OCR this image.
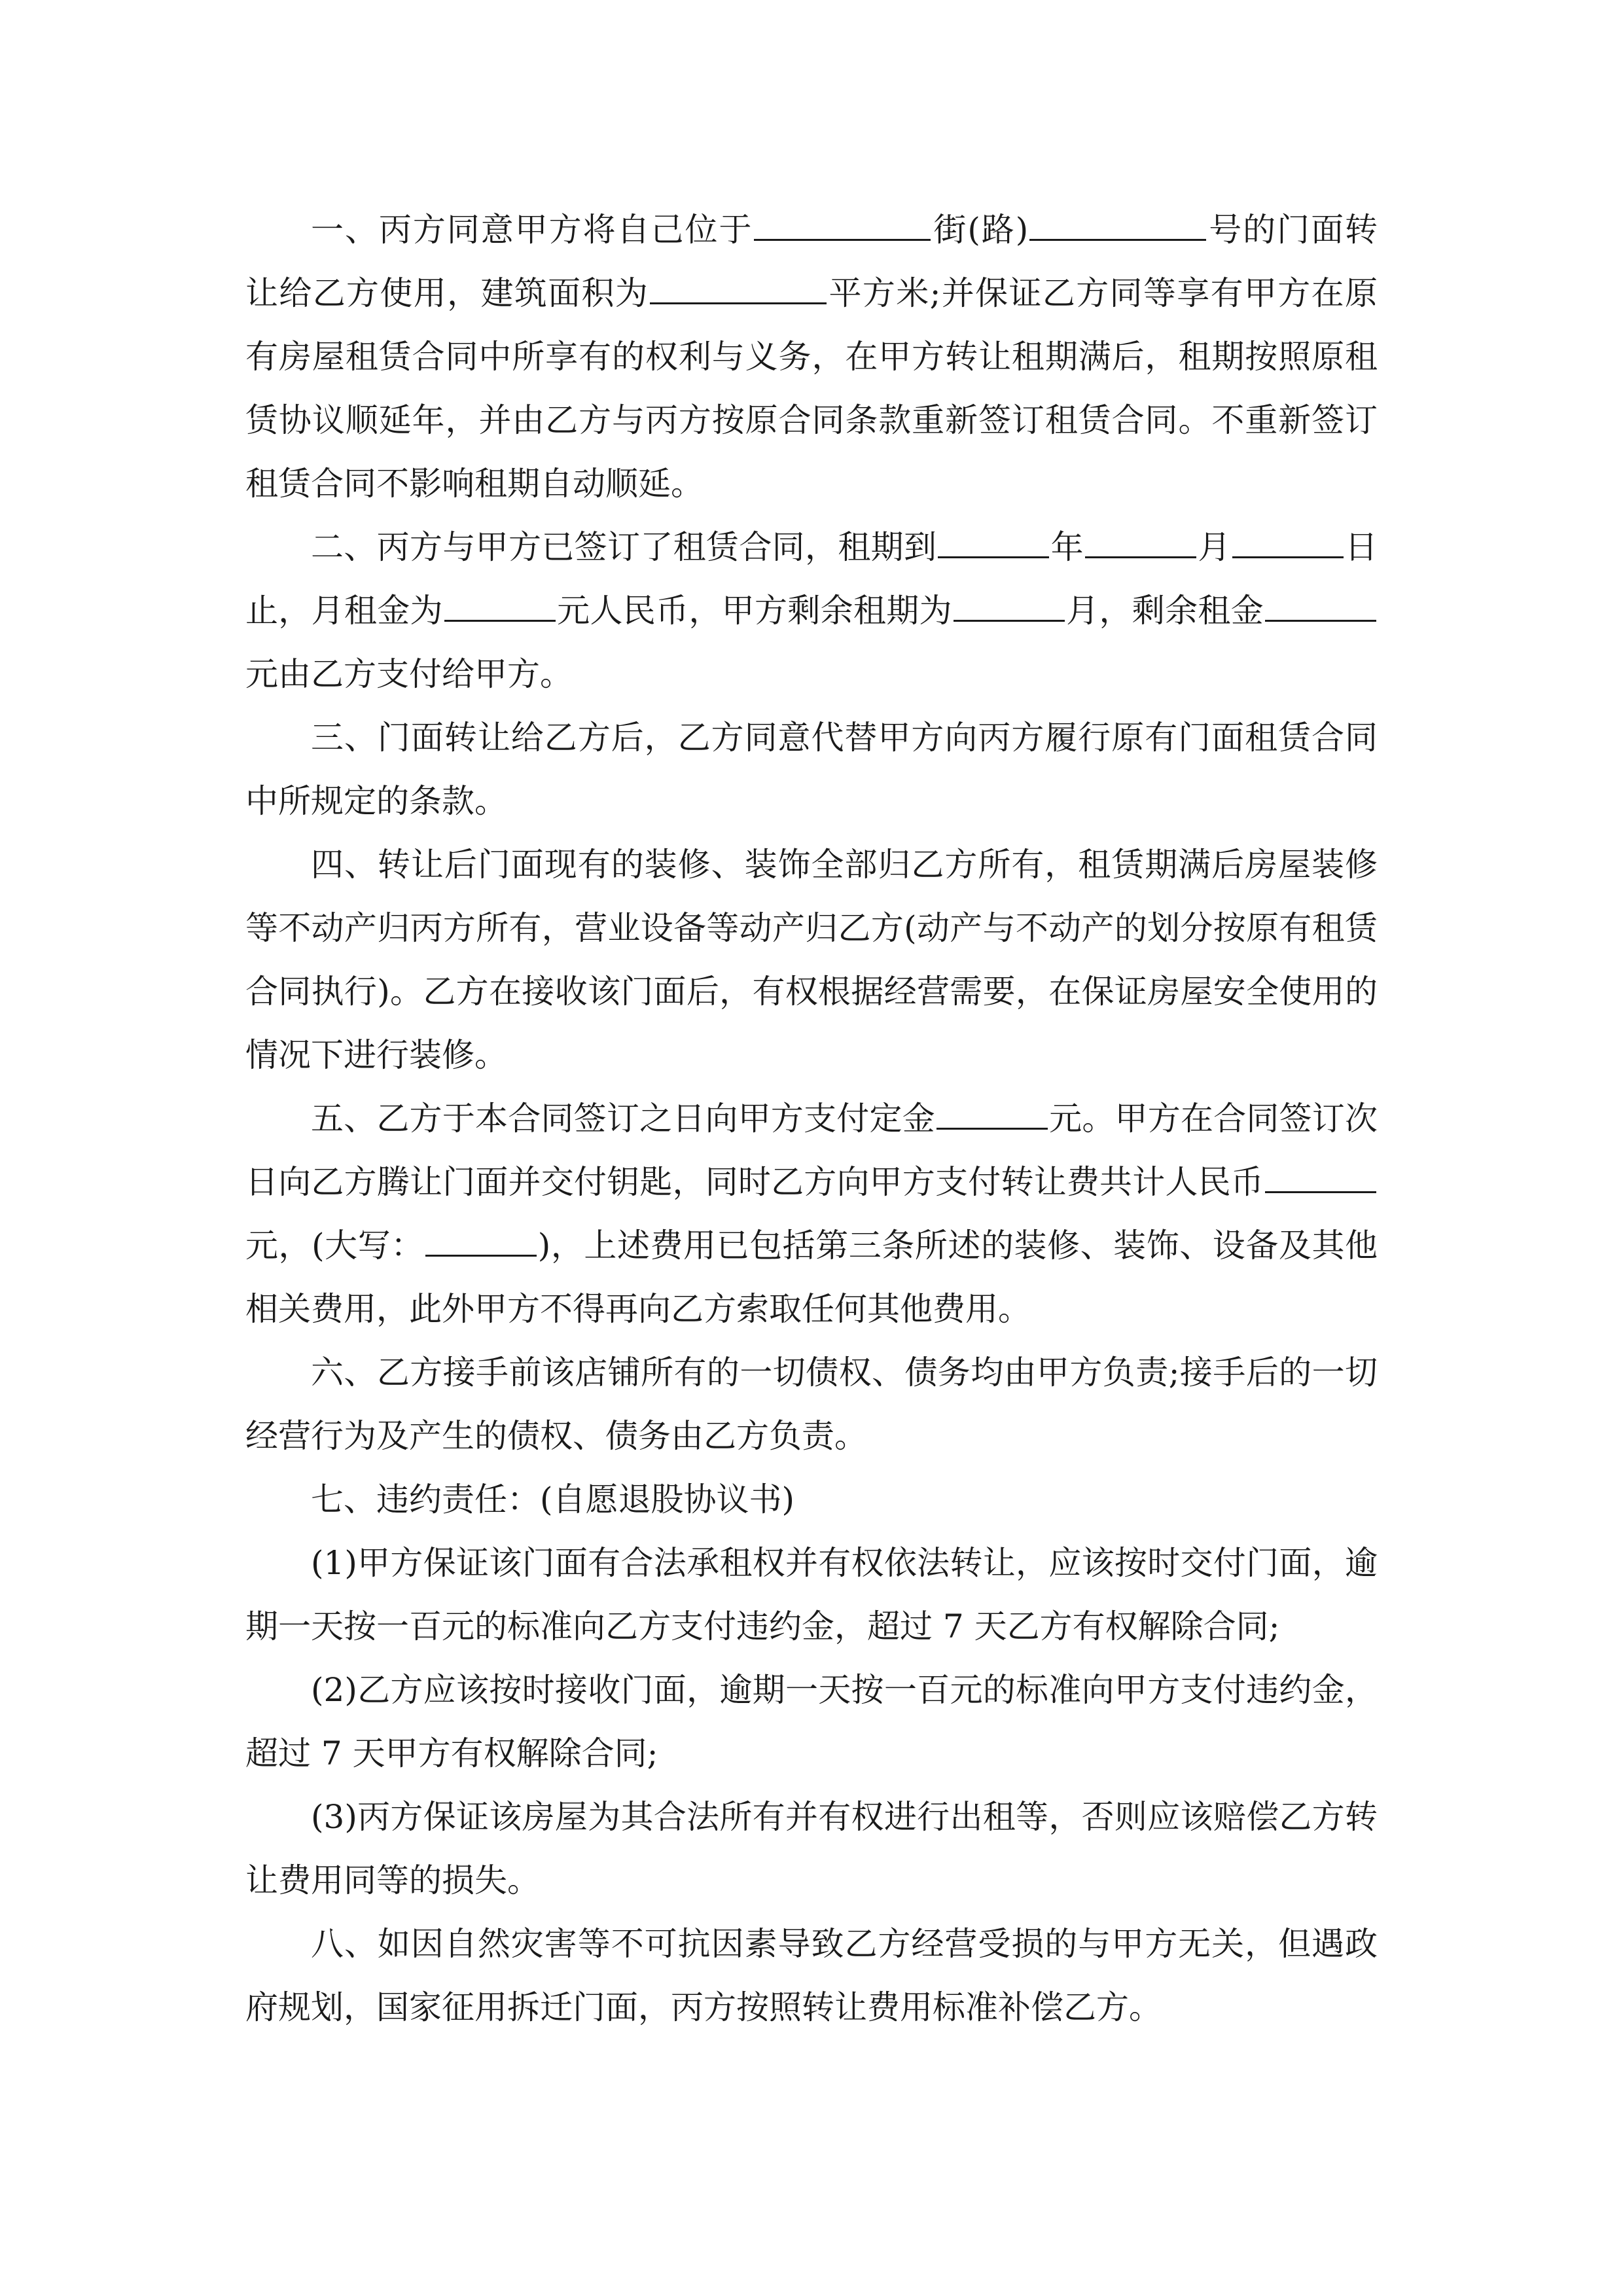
一、丙方同意甲方将自己位于	街(路)	号的门面转让给乙方使用，建筑面积为	平方米;并保证乙方同等享有甲方在原有房屋租赁合同中所享有的权利与义务，在甲方转让租期满后，租期按照原租赁协议顺延年，并由乙方与丙方按原合同条款重新签订租赁合同。不重新签订租赁合同不影响租期自动顺延。

二、丙方与甲方已签订了租赁合同，租期到	年	月	日止，月租金为	元人民币，甲方剩余租期为	月，剩余租金元由乙方支付给甲方。

三、门面转让给乙方后，乙方同意代替甲方向丙方履行原有门面租赁合同中所规定的条款。

四、转让后门面现有的装修、装饰全部归乙方所有，租赁期满后房屋装修等不动产归丙方所有，营业设备等动产归乙方(动产与不动产的划分按原有租赁合同执行)。乙方在接收该门面后，有权根据经营需要，在保证房屋安全使用的情况下进行装修。

五、乙方于本合同签订之日向甲方支付定金	元。甲方在合同签订次日向乙方腾让门面并交付钥匙，同时乙方向甲方支付转让费共计人民币元，(大写：	)，上述费用已包括第三条所述的装修、装饰、设备及其他相关费用，此外甲方不得再向乙方索取任何其他费用。

六、乙方接手前该店铺所有的一切债权、债务均由甲方负责;接手后的一切经营行为及产生的债权、债务由乙方负责。

七、违约责任：(自愿退股协议书)

(1)甲方保证该门面有合法承租权并有权依法转让，应该按时交付门面，逾期一天按一百元的标准向乙方支付违约金，超过 7 天乙方有权解除合同;

(2)乙方应该按时接收门面，逾期一天按一百元的标准向甲方支付违约金，超过 7 天甲方有权解除合同;

(3)丙方保证该房屋为其合法所有并有权进行出租等，否则应该赔偿乙方转让费用同等的损失。

八、如因自然灾害等不可抗因素导致乙方经营受损的与甲方无关，但遇政府规划，国家征用拆迁门面，丙方按照转让费用标准补偿乙方。
